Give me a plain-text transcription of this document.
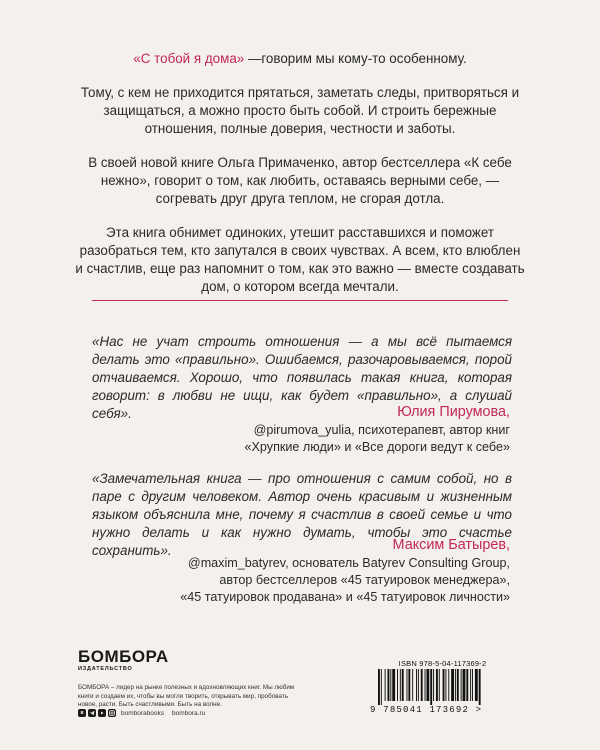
«С тобой я дома» —говорим мы кому-то особенному.

Тому, с кем не приходится прятаться, заметать следы, притворяться и защищаться, а можно просто быть собой. И строить бережные отношения, полные доверия, честности и заботы.

В своей новой книге Ольга Примаченко, автор бестселлера «К себе нежно», говорит о том, как любить, оставаясь верными себе, — согревать друг друга теплом, не сгорая дотла.

Эта книга обнимет одиноких, утешит расставшихся и поможет разобраться тем, кто запутался в своих чувствах. А всем, кто влюблен и счастлив, еще раз напомнит о том, как это важно — вместе создавать дом, о котором всегда мечтали.

«Нас не учат строить отношения — а мы всё пытаемся делать это «правильно». Ошибаемся, разочаровываемся, порой отчаиваемся. Хорошо, что появилась такая книга, которая говорит: в любви не ищи, как будет «правильно», а слушай себя».	Юлия Пирумова,
@pirumova_yulia, психотерапевт, автор книг
«Хрупкие люди» и «Все дороги ведут к себе»

«Замечательная книга — про отношения с самим собой, но в паре с другим человеком. Автор очень красивым и жизненным языком объяснила мне, почему я счастлив в своей семье и что нужно делать и как нужно думать, чтобы это счастье сохранить».	Максим Батырев,
@maxim_batyrev, основатель Batyrev Consulting Group,
автор бестселлеров «45 татуировок менеджера»,
«45 татуировок продавана» и «45 татуировок личности»
БОМБОРА
ИЗДАТЕЛЬСТВО
БОМБОРА – лидер на рынке полезных и вдохновляющих книг. Мы любим книги и создаем их, чтобы вы могли творить, открывать мир, пробовать новое, расти. Быть счастливыми. Быть на волне.
в	bomborabooks bombora.ru
ISBN 978-5-04-117369-2
9 785041 173692 >
